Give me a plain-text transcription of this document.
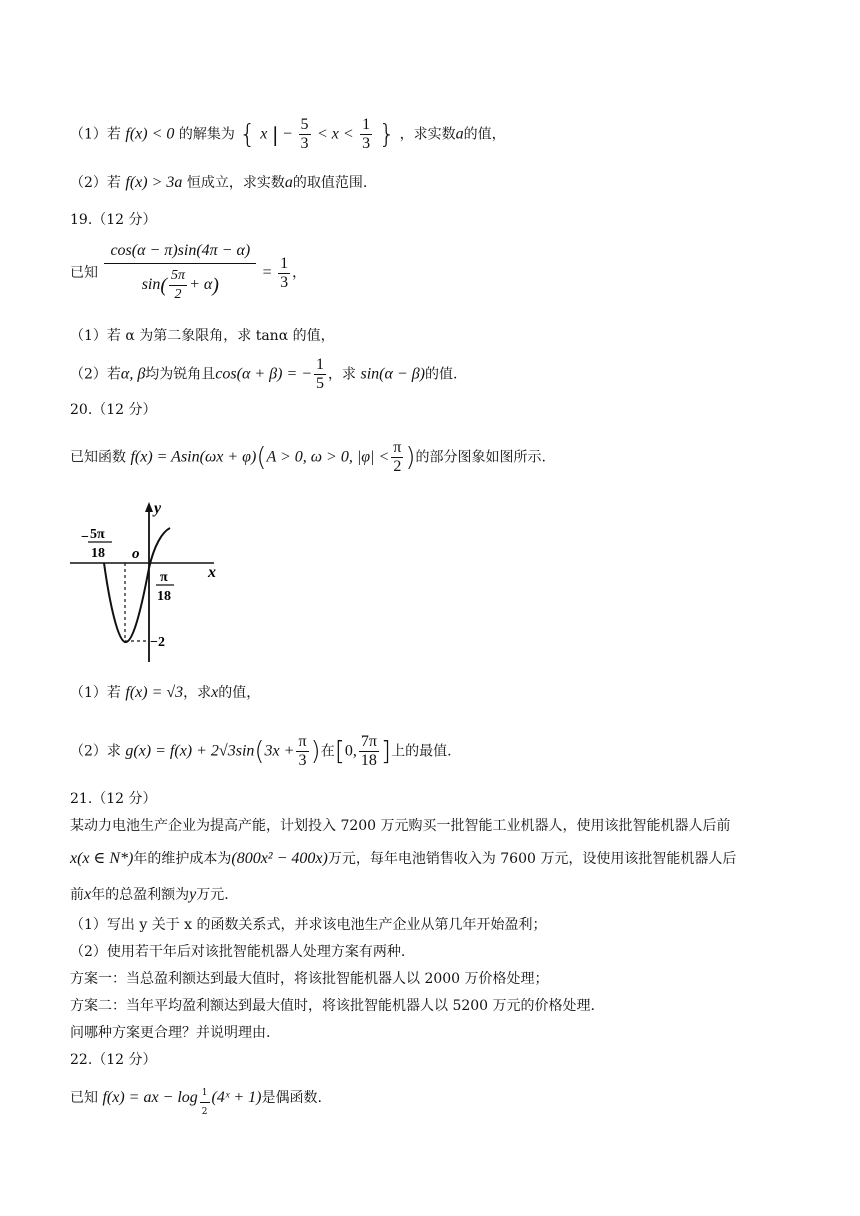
（1）若 f(x) < 0 的解集为 { x | − $\frac{5}{3} < x < \frac{1}{3}$ } ，求实数a的值，
（2）若 f(x) > 3a 恒成立，求实数a的取值范围.
19.（12 分）
已知 $\frac{\cos(\alpha - \pi)\sin(4\pi - \alpha)}{\sin( \frac{5\pi}{2} + \alpha)} = \frac{1}{3}$ ，
（1）若 α 为第二象限角，求 tanα 的值，
（2）若α, β均为锐角且cos(α + β) = − $\frac{1}{5}$ ，求 sin(α − β)的值.
20.（12 分）
已知函数 f(x) = Asin(ωx + φ)(A > 0, ω > 0, $|\varphi| < \frac{\pi}{2}$ )的部分图象如图所示.
y
x
o
− 5π
18
π
18
−2
（1）若 f(x) = √3，求x的值，
（2）求 $g(x) = f(x) + 2√3\sin(3x + \frac{\pi}{3}$ )在[0, $\frac{7\pi}{18}$ ]上的最值.
21.（12 分）
某动力电池生产企业为提高产能，计划投入 7200 万元购买一批智能工业机器人，使用该批智能机器人后前
x(x ∈ N*)年的维护成本为(800x² − 400x)万元，每年电池销售收入为 7600 万元，设使用该批智能机器人后
前x年的总盈利额为y万元.
（1）写出 y 关于 x 的函数关系式，并求该电池生产企业从第几年开始盈利；
（2）使用若干年后对该批智能机器人处理方案有两种.
方案一：当总盈利额达到最大值时，将该批智能机器人以 2000 万价格处理；
方案二：当年平均盈利额达到最大值时，将该批智能机器人以 5200 万元的价格处理.
问哪种方案更合理？并说明理由.
22.（12 分）
已知 f(x) = ax − $\log \frac{1}{2}$ (4ˣ + 1)是偶函数.
